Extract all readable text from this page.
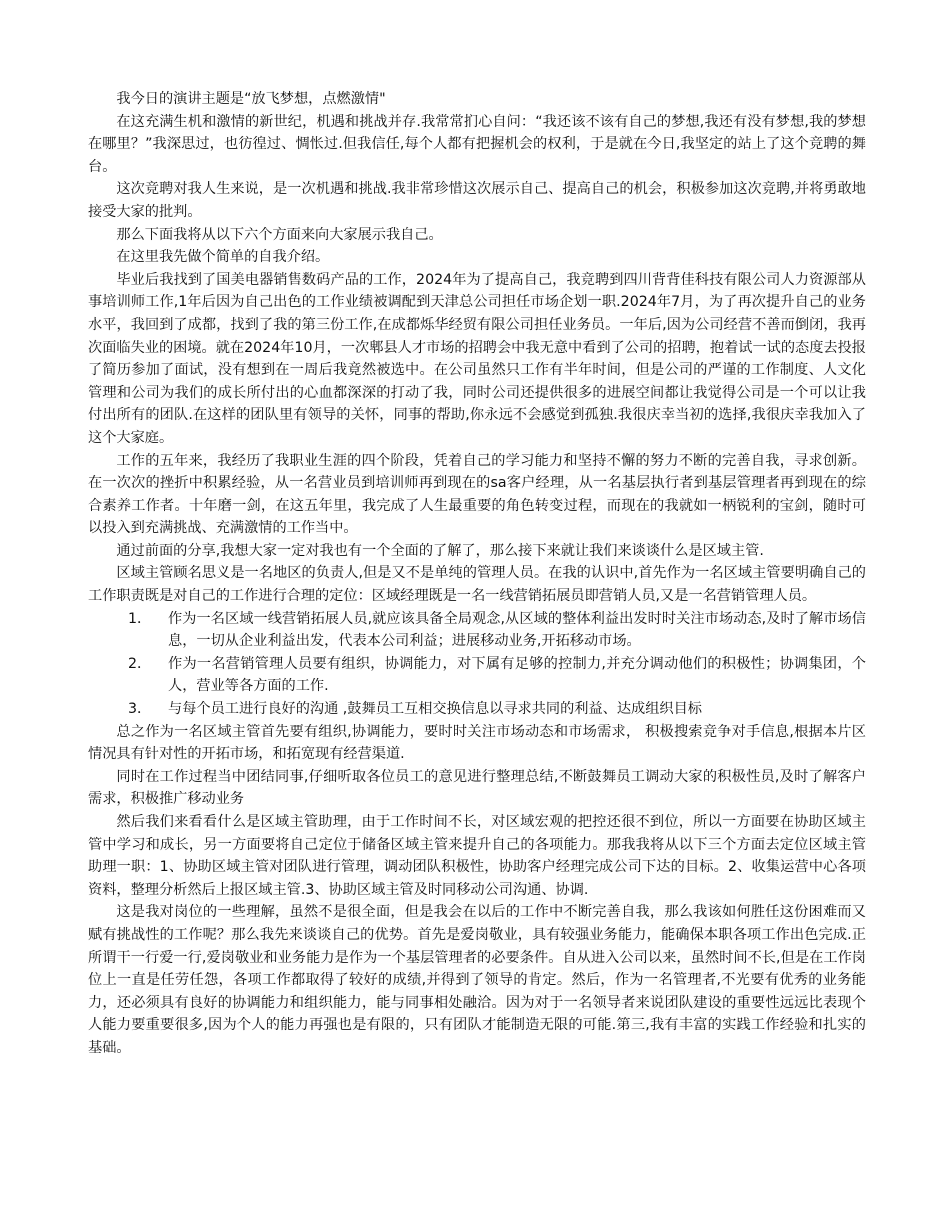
我今日的演讲主题是“放飞梦想，点燃激情"

在这充满生机和激情的新世纪，机遇和挑战并存.我常常扪心自问：“我还该不该有自己的梦想,我还有没有梦想,我的梦想在哪里？”我深思过，也彷徨过、惆怅过.但我信任,每个人都有把握机会的权利，于是就在今日,我坚定的站上了这个竞聘的舞台。

这次竞聘对我人生来说，是一次机遇和挑战.我非常珍惜这次展示自己、提高自己的机会，积极参加这次竞聘,并将勇敢地接受大家的批判。

那么下面我将从以下六个方面来向大家展示我自己。

在这里我先做个简单的自我介绍。

毕业后我找到了国美电器销售数码产品的工作，2024年为了提高自己，我竞聘到四川背背佳科技有限公司人力资源部从事培训师工作,1年后因为自己出色的工作业绩被调配到天津总公司担任市场企划一职.2024年7月，为了再次提升自己的业务水平，我回到了成都，找到了我的第三份工作,在成都烁华经贸有限公司担任业务员。一年后,因为公司经营不善而倒闭，我再次面临失业的困境。就在2024年10月，一次郫县人才市场的招聘会中我无意中看到了公司的招聘，抱着试一试的态度去投报了简历参加了面试，没有想到在一周后我竟然被选中。在公司虽然只工作有半年时间，但是公司的严谨的工作制度、人文化管理和公司为我们的成长所付出的心血都深深的打动了我，同时公司还提供很多的进展空间都让我觉得公司是一个可以让我付出所有的团队.在这样的团队里有领导的关怀，同事的帮助,你永远不会感觉到孤独.我很庆幸当初的选择,我很庆幸我加入了这个大家庭。

工作的五年来，我经历了我职业生涯的四个阶段，凭着自己的学习能力和坚持不懈的努力不断的完善自我，寻求创新。在一次次的挫折中积累经验，从一名营业员到培训师再到现在的sa客户经理，从一名基层执行者到基层管理者再到现在的综合素养工作者。十年磨一剑，在这五年里，我完成了人生最重要的角色转变过程，而现在的我就如一柄锐利的宝剑，随时可以投入到充满挑战、充满激情的工作当中。

通过前面的分享,我想大家一定对我也有一个全面的了解了，那么接下来就让我们来谈谈什么是区域主管.

区域主管顾名思义是一名地区的负责人,但是又不是单纯的管理人员。在我的认识中,首先作为一名区域主管要明确自己的工作职责既是对自己的工作进行合理的定位：区域经理既是一名一线营销拓展员即营销人员,又是一名营销管理人员。

1． 作为一名区域一线营销拓展人员,就应该具备全局观念,从区域的整体利益出发时时关注市场动态,及时了解市场信息，一切从企业利益出发，代表本公司利益；进展移动业务,开拓移动市场。
2． 作为一名营销管理人员要有组织，协调能力，对下属有足够的控制力,并充分调动他们的积极性；协调集团，个人，营业等各方面的工作.
3． 与每个员工进行良好的沟通 ,鼓舞员工互相交换信息以寻求共同的利益、达成组织目标

总之作为一名区域主管首先要有组织,协调能力，要时时关注市场动态和市场需求， 积极搜索竞争对手信息,根据本片区情况具有针对性的开拓市场，和拓宽现有经营渠道.

同时在工作过程当中团结同事,仔细听取各位员工的意见进行整理总结,不断鼓舞员工调动大家的积极性员,及时了解客户需求，积极推广移动业务

然后我们来看看什么是区域主管助理，由于工作时间不长，对区域宏观的把控还很不到位，所以一方面要在协助区域主管中学习和成长，另一方面要将自己定位于储备区域主管来提升自己的各项能力。那我我将从以下三个方面去定位区域主管助理一职：1、协助区域主管对团队进行管理，调动团队积极性，协助客户经理完成公司下达的目标。2、收集运营中心各项资料，整理分析然后上报区域主管.3、协助区域主管及时同移动公司沟通、协调.

这是我对岗位的一些理解，虽然不是很全面，但是我会在以后的工作中不断完善自我，那么我该如何胜任这份困难而又赋有挑战性的工作呢？那么我先来谈谈自己的优势。首先是爱岗敬业，具有较强业务能力，能确保本职各项工作出色完成.正所谓干一行爱一行,爱岗敬业和业务能力是作为一个基层管理者的必要条件。自从进入公司以来，虽然时间不长,但是在工作岗位上一直是任劳任怨，各项工作都取得了较好的成绩,并得到了领导的肯定。然后，作为一名管理者,不光要有优秀的业务能力，还必须具有良好的协调能力和组织能力，能与同事相处融洽。因为对于一名领导者来说团队建设的重要性远远比表现个人能力要重要很多,因为个人的能力再强也是有限的，只有团队才能制造无限的可能.第三,我有丰富的实践工作经验和扎实的基础。
